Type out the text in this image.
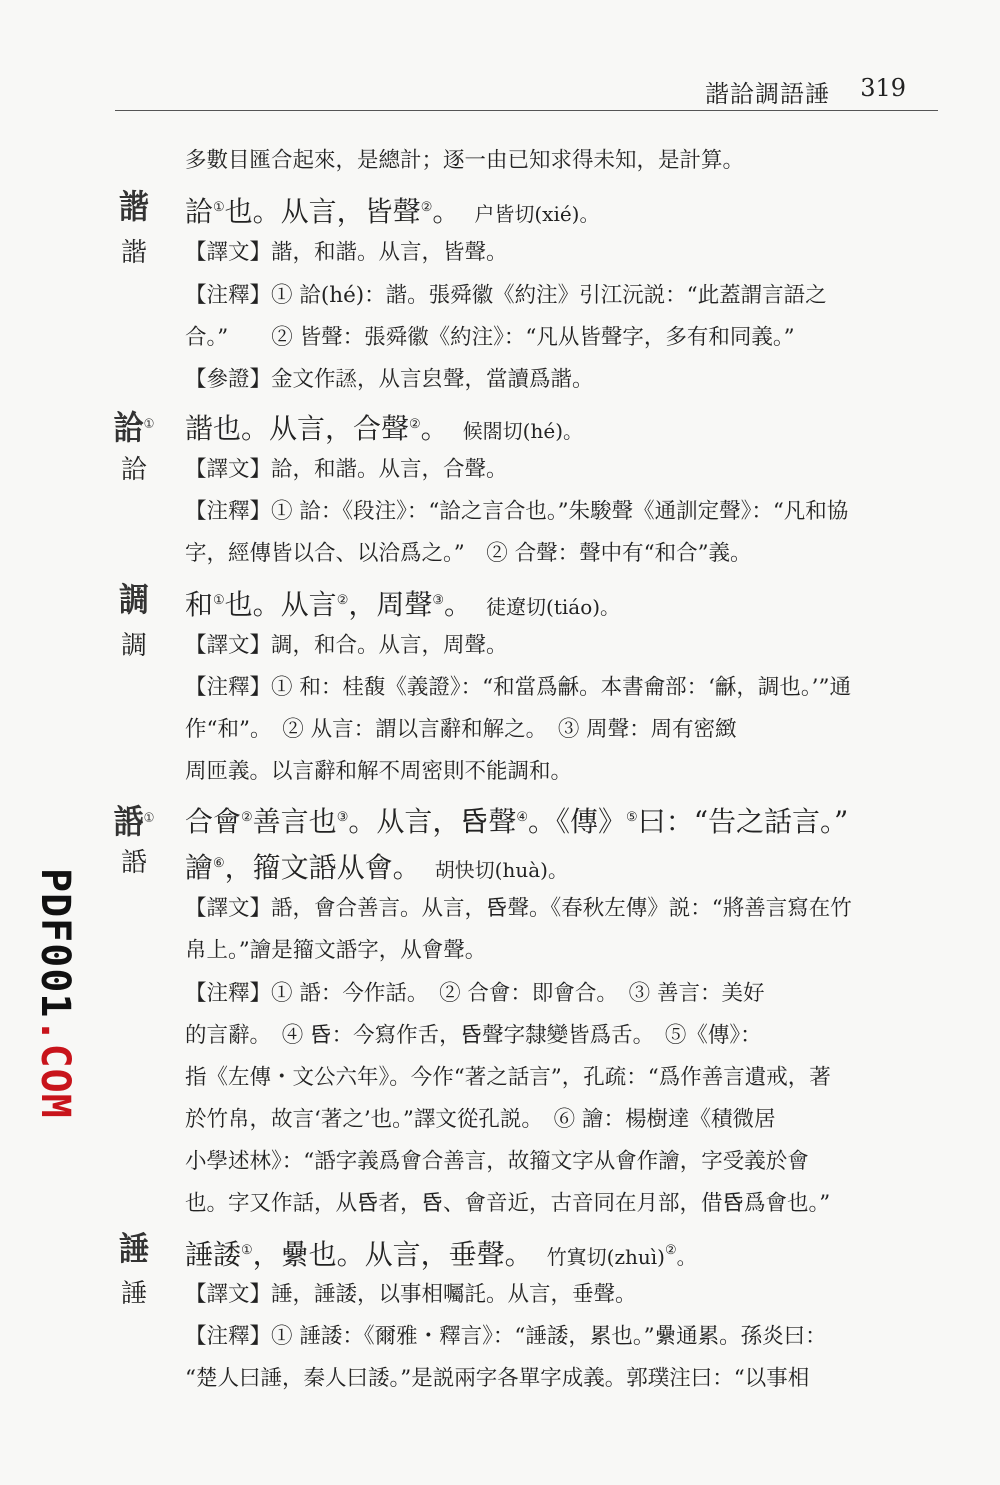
諧詥調語諈 319
PDF001.COM
諧
諧
詥①
詥
調
調
䛡①
䛡
諈
諈
多數目匯合起來，是總計；逐一由已知求得未知，是計算。
詥①也。从言，皆聲②。　户皆切(xié)。
【譯文】諧，和諧。从言，皆聲。
【注釋】① 詥(hé)：諧。張舜徽《約注》引江沅説：“此蓋謂言語之
合。”　　② 皆聲：張舜徽《約注》：“凡从皆聲字，多有和同義。”
【參證】金文作𧪣，从言㿝聲，當讀爲諧。
諧也。从言，合聲②。　候閤切(hé)。
【譯文】詥，和諧。从言，合聲。
【注釋】① 詥：《段注》：“詥之言合也。”朱駿聲《通訓定聲》：“凡和協
字，經傳皆以合、以洽爲之。”　② 合聲：聲中有“和合”義。
和①也。从言②，周聲③。　徒遼切(tiáo)。
【譯文】調，和合。从言，周聲。
【注釋】① 和：桂馥《義證》：“和當爲龢。本書龠部：‘龢，調也。’”通
作“和”。　② 从言：謂以言辭和解之。　③ 周聲：周有密緻
周匝義。以言辭和解不周密則不能調和。
合會②善言也③。从言，𠯑聲④。《傳》⑤曰：“告之話言。”
譮⑥，籀文䛡从會。　胡快切(huà)。
【譯文】䛡，會合善言。从言，𠯑聲。《春秋左傳》説：“將善言寫在竹
帛上。”譮是籀文䛡字，从會聲。
【注釋】① 䛡：今作話。　② 合會：即會合。　③ 善言：美好
的言辭。　④ 𠯑：今寫作舌，𠯑聲字隸變皆爲舌。　⑤《傳》：
指《左傳・文公六年》。今作“著之話言”，孔疏：“爲作善言遺戒，著
於竹帛，故言‘著之’也。”譯文從孔説。　⑥ 譮：楊樹達《積微居
小學述林》：“䛡字義爲會合善言，故籀文字从會作譮，字受義於會
也。字又作話，从𠯑者，𠯑、會音近，古音同在月部，借𠯑爲會也。”
諈諉①，纍也。从言，垂聲。　竹寘切(zhuì)②。
【譯文】諈，諈諉，以事相囑託。从言，垂聲。
【注釋】① 諈諉：《爾雅・釋言》：“諈諉，累也。”纍通累。孫炎曰：
“楚人曰諈，秦人曰諉。”是説兩字各單字成義。郭璞注曰：“以事相
